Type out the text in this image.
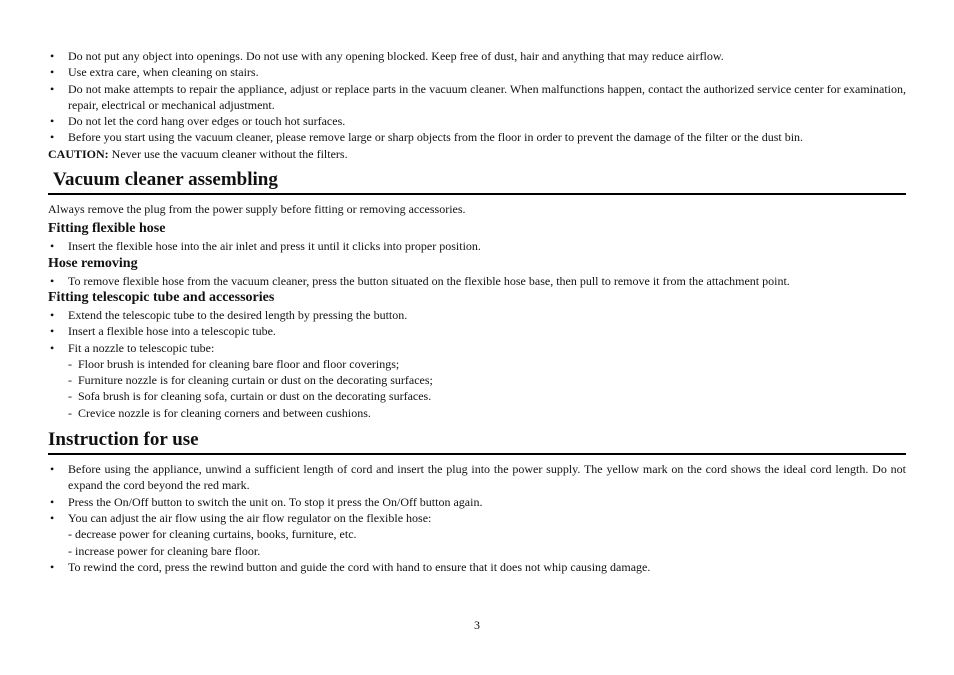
• Do not put any object into openings. Do not use with any opening blocked. Keep free of dust, hair and anything that may reduce airflow.
• Use extra care, when cleaning on stairs.
• Do not make attempts to repair the appliance, adjust or replace parts in the vacuum cleaner. When malfunctions happen, contact the authorized service center for examination, repair, electrical or mechanical adjustment.
• Do not let the cord hang over edges or touch hot surfaces.
• Before you start using the vacuum cleaner, please remove large or sharp objects from the floor in order to prevent the damage of the filter or the dust bin.
CAUTION: Never use the vacuum cleaner without the filters.
Vacuum cleaner assembling

Always remove the plug from the power supply before fitting or removing accessories.

Fitting flexible hose
• Insert the flexible hose into the air inlet and press it until it clicks into proper position.
Hose removing
• To remove flexible hose from the vacuum cleaner, press the button situated on the flexible hose base, then pull to remove it from the attachment point.
Fitting telescopic tube and accessories
• Extend the telescopic tube to the desired length by pressing the button.
• Insert a flexible hose into a telescopic tube.
• Fit a nozzle to telescopic tube:
- Floor brush is intended for cleaning bare floor and floor coverings;
- Furniture nozzle is for cleaning curtain or dust on the decorating surfaces;
- Sofa brush is for cleaning sofa, curtain or dust on the decorating surfaces.
- Crevice nozzle is for cleaning corners and between cushions.
Instruction for use
• Before using the appliance, unwind a sufficient length of cord and insert the plug into the power supply. The yellow mark on the cord shows the ideal cord length. Do not expand the cord beyond the red mark.
• Press the On/Off button to switch the unit on. To stop it press the On/Off button again.
• You can adjust the air flow using the air flow regulator on the flexible hose:
- decrease power for cleaning curtains, books, furniture, etc.
- increase power for cleaning bare floor.
• To rewind the cord, press the rewind button and guide the cord with hand to ensure that it does not whip causing damage.
3
